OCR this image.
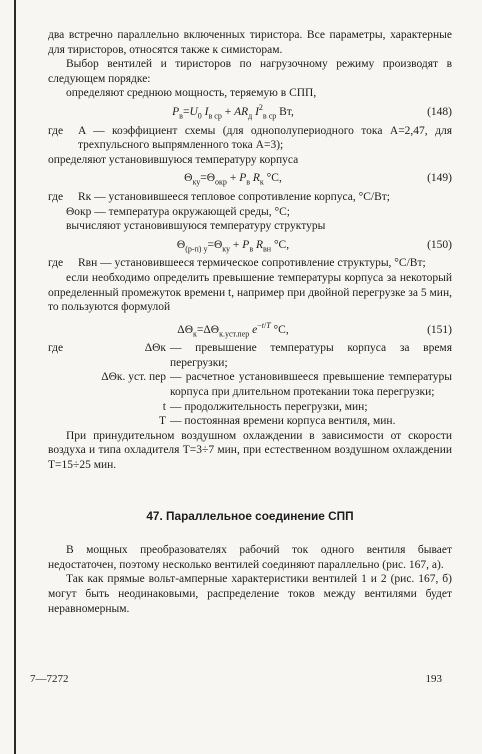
два встречно параллельно включенных тиристора. Все параметры, характерные для тиристоров, относятся также к симисторам.

Выбор вентилей и тиристоров по нагрузочному режиму производят в следующем порядке:

определяют среднюю мощность, теряемую в СПП,

$P_в=U_0$ $I_{в ср} + AR_д$ $I^2_{в ср}$ Вт,	(148)
где	A — коэффициент схемы (для однополупериодного тока A=2,47, для трехпульсного выпрямленного тока A=3);

определяют установившуюся температуру корпуса

$\Theta_{ку}=\Theta_{окр} + P_в$ $R_к$ °C,	(149)
где	Rк — установившееся тепловое сопротивление корпуса, °C/Вт;

Θокр — температура окружающей среды, °C;

вычисляют установившуюся температуру структуры

$\Theta_{(р-п) у}=\Theta_{ку} + P_в$ $R_{вн}$ °C,	(150)
где	Rвн — установившееся термическое сопротивление структуры, °C/Вт;

если необходимо определить превышение температуры корпуса за некоторый определенный промежуток времени t, например при двойной перегрузке за 5 мин, то пользуются формулой

$\Delta\Theta_к=\Delta\Theta_{к.уст.пер}$ $e^{-t/T}$ °C,	(151)
где	ΔΘк — превышение температуры корпуса за время перегрузки;
ΔΘк. уст. пер — расчетное установившееся превышение температуры корпуса при длительном протекании тока перегрузки;
t — продолжительность перегрузки, мин;
T — постоянная времени корпуса вентиля, мин.

При принудительном воздушном охлаждении в зависимости от скорости воздуха и типа охладителя T=3÷7 мин, при естественном воздушном охлаждении T=15÷25 мин.

47. Параллельное соединение СПП

В мощных преобразователях рабочий ток одного вентиля бывает недостаточен, поэтому несколько вентилей соединяют параллельно (рис. 167, а).

Так как прямые вольт-амперные характеристики вентилей 1 и 2 (рис. 167, б) могут быть неодинаковыми, распределение токов между вентилями будет неравномерным.

7—7272	193
